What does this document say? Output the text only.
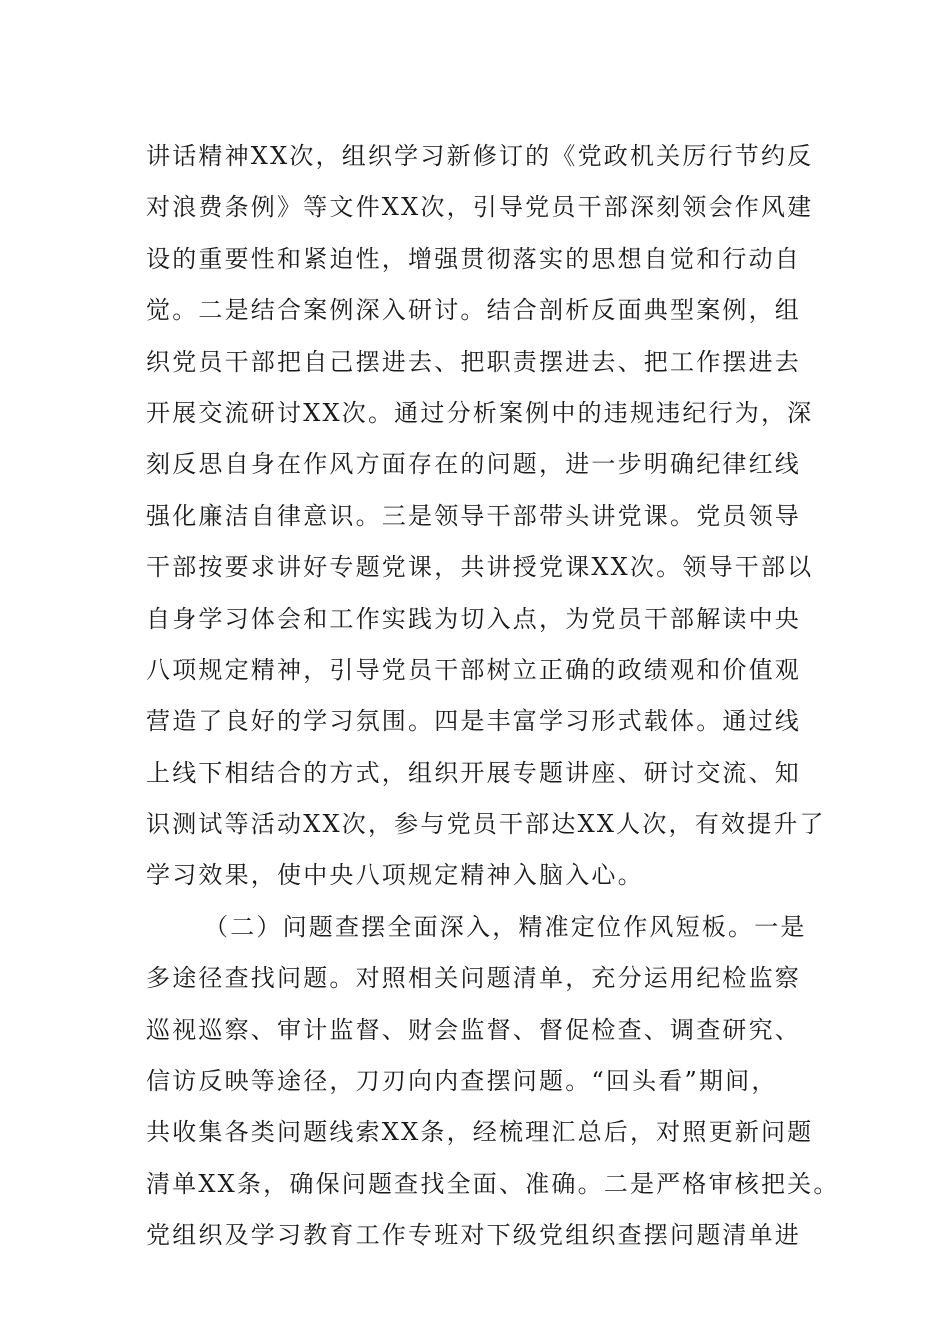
讲话精神XX次，组织学习新修订的《党政机关厉行节约反
对浪费条例》等文件XX次，引导党员干部深刻领会作风建
设的重要性和紧迫性，增强贯彻落实的思想自觉和行动自
觉。二是结合案例深入研讨。结合剖析反面典型案例，组
织党员干部把自己摆进去、把职责摆进去、把工作摆进去
开展交流研讨XX次。通过分析案例中的违规违纪行为，深
刻反思自身在作风方面存在的问题，进一步明确纪律红线
强化廉洁自律意识。三是领导干部带头讲党课。党员领导
干部按要求讲好专题党课，共讲授党课XX次。领导干部以
自身学习体会和工作实践为切入点，为党员干部解读中央
八项规定精神，引导党员干部树立正确的政绩观和价值观
营造了良好的学习氛围。四是丰富学习形式载体。通过线
上线下相结合的方式，组织开展专题讲座、研讨交流、知
识测试等活动XX次，参与党员干部达XX人次，有效提升了
学习效果，使中央八项规定精神入脑入心。
（二）问题查摆全面深入，精准定位作风短板。一是
多途径查找问题。对照相关问题清单，充分运用纪检监察
巡视巡察、审计监督、财会监督、督促检查、调查研究、
信访反映等途径，刀刃向内查摆问题。“回头看”期间，
共收集各类问题线索XX条，经梳理汇总后，对照更新问题
清单XX条，确保问题查找全面、准确。二是严格审核把关。
党组织及学习教育工作专班对下级党组织查摆问题清单进
